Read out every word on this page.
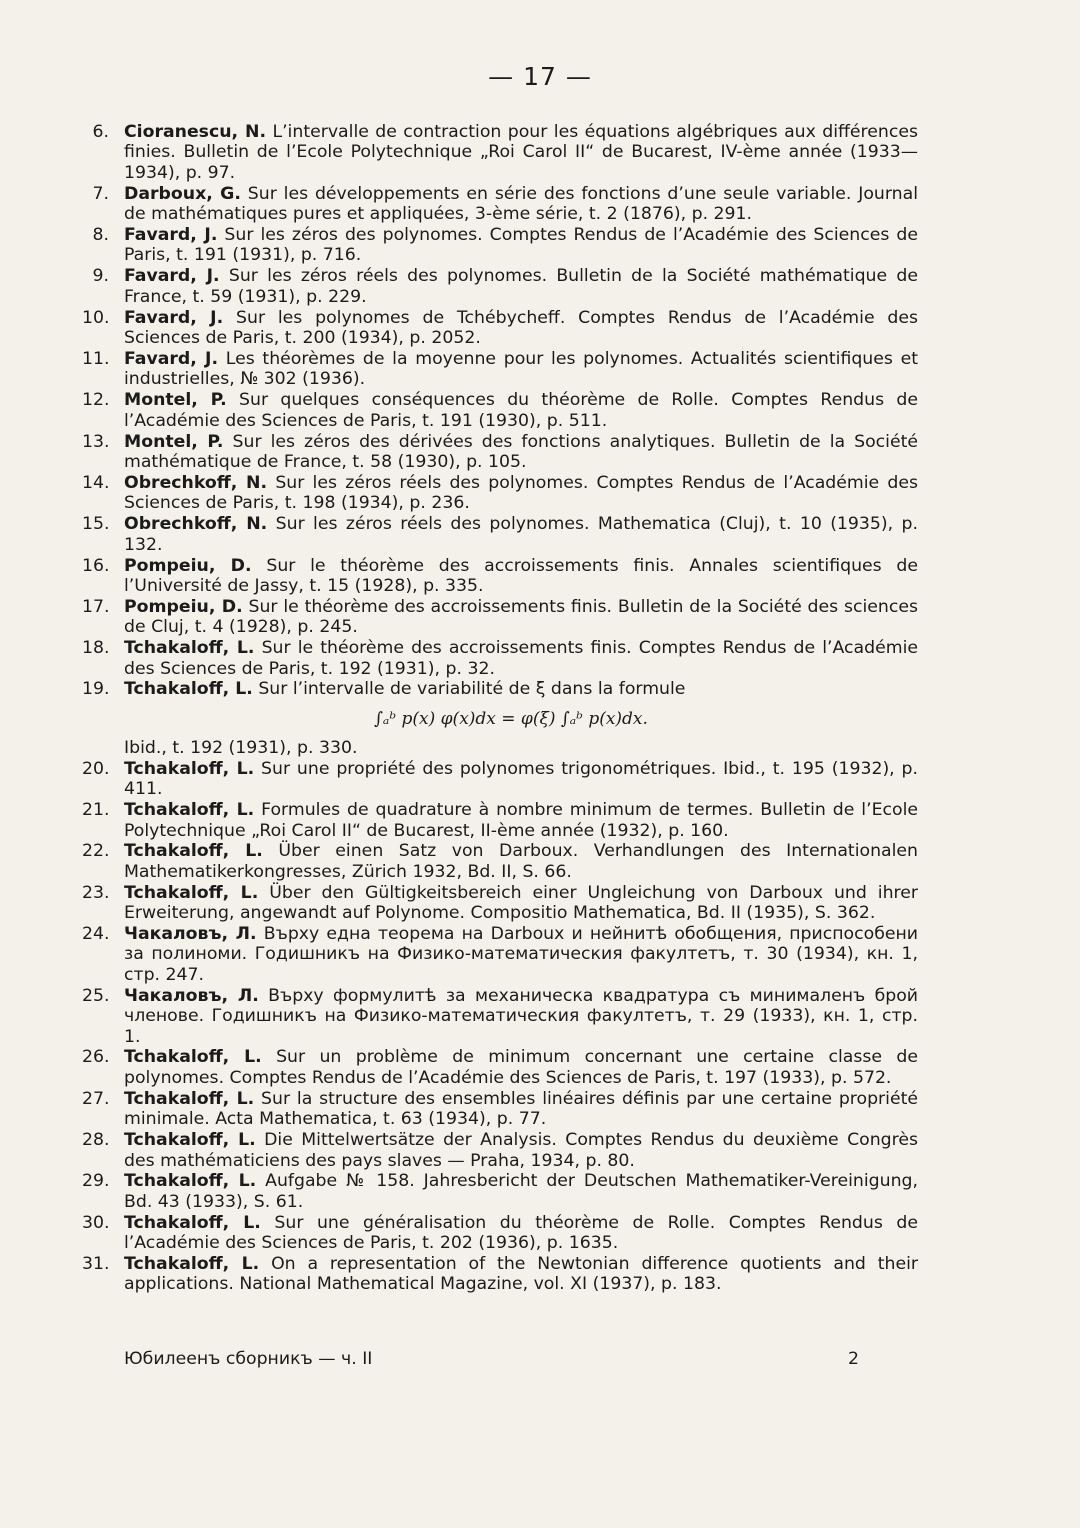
— 17 —
6. Cioranescu, N. L’intervalle de contraction pour les équations algébriques aux différences finies. Bulletin de l’Ecole Polytechnique „Roi Carol II“ de Bucarest, IV-ème année (1933—1934), p. 97.
7. Darboux, G. Sur les développements en série des fonctions d’une seule variable. Journal de mathématiques pures et appliquées, 3-ème série, t. 2 (1876), p. 291.
8. Favard, J. Sur les zéros des polynomes. Comptes Rendus de l’Académie des Sciences de Paris, t. 191 (1931), p. 716.
9. Favard, J. Sur les zéros réels des polynomes. Bulletin de la Société mathématique de France, t. 59 (1931), p. 229.
10. Favard, J. Sur les polynomes de Tchébycheff. Comptes Rendus de l’Académie des Sciences de Paris, t. 200 (1934), p. 2052.
11. Favard, J. Les théorèmes de la moyenne pour les polynomes. Actualités scientifiques et industrielles, № 302 (1936).
12. Montel, P. Sur quelques conséquences du théorème de Rolle. Comptes Rendus de l’Académie des Sciences de Paris, t. 191 (1930), p. 511.
13. Montel, P. Sur les zéros des dérivées des fonctions analytiques. Bulletin de la Société mathématique de France, t. 58 (1930), p. 105.
14. Obrechkoff, N. Sur les zéros réels des polynomes. Comptes Rendus de l’Académie des Sciences de Paris, t. 198 (1934), p. 236.
15. Obrechkoff, N. Sur les zéros réels des polynomes. Mathematica (Cluj), t. 10 (1935), p. 132.
16. Pompeiu, D. Sur le théorème des accroissements finis. Annales scientifiques de l’Université de Jassy, t. 15 (1928), p. 335.
17. Pompeiu, D. Sur le théorème des accroissements finis. Bulletin de la Société des sciences de Cluj, t. 4 (1928), p. 245.
18. Tchakaloff, L. Sur le théorème des accroissements finis. Comptes Rendus de l’Académie des Sciences de Paris, t. 192 (1931), p. 32.
19. Tchakaloff, L. Sur l’intervalle de variabilité de ξ dans la formule
∫ₐᵇ p(x) φ(x)dx = φ(ξ) ∫ₐᵇ p(x)dx.
Ibid., t. 192 (1931), p. 330.
20. Tchakaloff, L. Sur une propriété des polynomes trigonométriques. Ibid., t. 195 (1932), p. 411.
21. Tchakaloff, L. Formules de quadrature à nombre minimum de termes. Bulletin de l’Ecole Polytechnique „Roi Carol II“ de Bucarest, II-ème année (1932), p. 160.
22. Tchakaloff, L. Über einen Satz von Darboux. Verhandlungen des Internationalen Mathematikerkongresses, Zürich 1932, Bd. II, S. 66.
23. Tchakaloff, L. Über den Gültigkeitsbereich einer Ungleichung von Darboux und ihrer Erweiterung, angewandt auf Polynome. Compositio Mathematica, Bd. II (1935), S. 362.
24. Чакаловъ, Л. Върху една теорема на Darboux и нейнитѣ обобщения, приспособени за полиноми. Годишникъ на Физико-математическия факултетъ, т. 30 (1934), кн. 1, стр. 247.
25. Чакаловъ, Л. Върху формулитѣ за механическа квадратура съ минималенъ брой членове. Годишникъ на Физико-математическия факултетъ, т. 29 (1933), кн. 1, стр. 1.
26. Tchakaloff, L. Sur un problème de minimum concernant une certaine classe de polynomes. Comptes Rendus de l’Académie des Sciences de Paris, t. 197 (1933), p. 572.
27. Tchakaloff, L. Sur la structure des ensembles linéaires définis par une certaine propriété minimale. Acta Mathematica, t. 63 (1934), p. 77.
28. Tchakaloff, L. Die Mittelwertsätze der Analysis. Comptes Rendus du deuxième Congrès des mathématiciens des pays slaves — Praha, 1934, p. 80.
29. Tchakaloff, L. Aufgabe № 158. Jahresbericht der Deutschen Mathematiker-Vereinigung, Bd. 43 (1933), S. 61.
30. Tchakaloff, L. Sur une généralisation du théorème de Rolle. Comptes Rendus de l’Académie des Sciences de Paris, t. 202 (1936), p. 1635.
31. Tchakaloff, L. On a representation of the Newtonian difference quotients and their applications. National Mathematical Magazine, vol. XI (1937), p. 183.
Юбилеенъ сборникъ — ч. II	2
